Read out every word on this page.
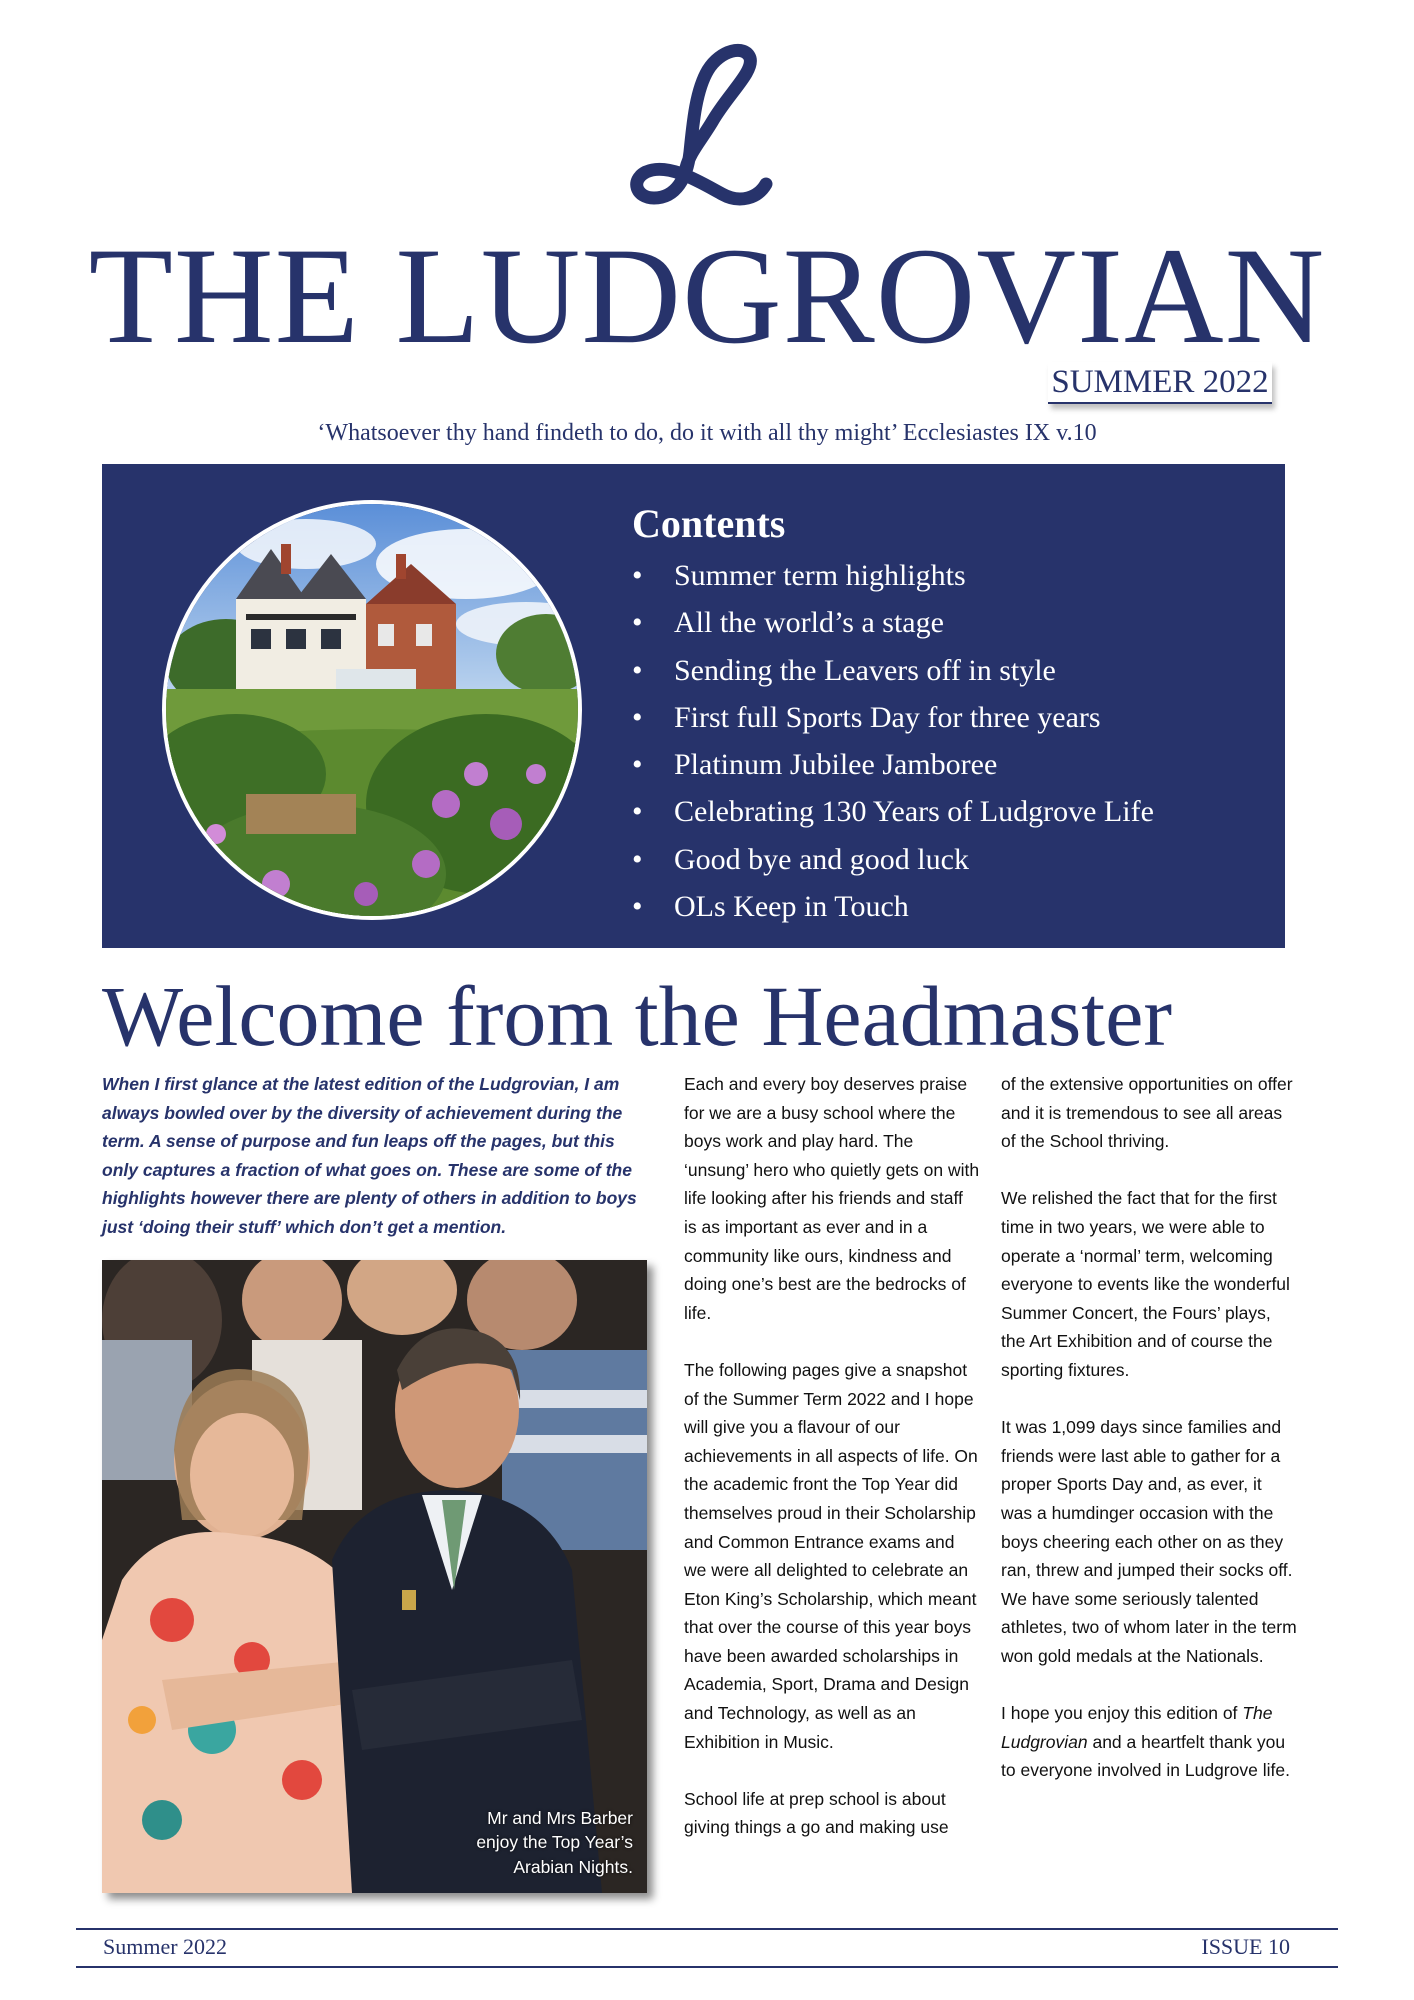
THE LUDGROVIAN
SUMMER 2022
‘Whatsoever thy hand findeth to do, do it with all thy might’ Ecclesiastes IX v.10
Contents
• Summer term highlights
• All the world’s a stage
• Sending the Leavers off in style
• First full Sports Day for three years
• Platinum Jubilee Jamboree
• Celebrating 130 Years of Ludgrove Life
• Good bye and good luck
• OLs Keep in Touch
Welcome from the Headmaster
When I first glance at the latest edition of the Ludgrovian, I am always bowled over by the diversity of achievement during the term. A sense of purpose and fun leaps off the pages, but this only captures a fraction of what goes on. These are some of the highlights however there are plenty of others in addition to boys just ‘doing their stuff’ which don’t get a mention.
Mr and Mrs Barber
enjoy the Top Year’s
Arabian Nights.

Each and every boy deserves praise for we are a busy school where the boys work and play hard. The ‘unsung’ hero who quietly gets on with life looking after his friends and staff is as important as ever and in a community like ours, kindness and doing one’s best are the bedrocks of life.

The following pages give a snapshot of the Summer Term 2022 and I hope will give you a flavour of our achievements in all aspects of life. On the academic front the Top Year did themselves proud in their Scholarship and Common Entrance exams and we were all delighted to celebrate an Eton King’s Scholarship, which meant that over the course of this year boys have been awarded scholarships in Academia, Sport, Drama and Design and Technology, as well as an Exhibition in Music.

School life at prep school is about giving things a go and making use

of the extensive opportunities on offer and it is tremendous to see all areas of the School thriving.

We relished the fact that for the first time in two years, we were able to operate a ‘normal’ term, welcoming everyone to events like the wonderful Summer Concert, the Fours’ plays, the Art Exhibition and of course the sporting fixtures.

It was 1,099 days since families and friends were last able to gather for a proper Sports Day and, as ever, it was a humdinger occasion with the boys cheering each other on as they ran, threw and jumped their socks off. We have some seriously talented athletes, two of whom later in the term won gold medals at the Nationals.

I hope you enjoy this edition of The Ludgrovian and a heartfelt thank you to everyone involved in Ludgrove life.

Summer 2022	ISSUE 10
